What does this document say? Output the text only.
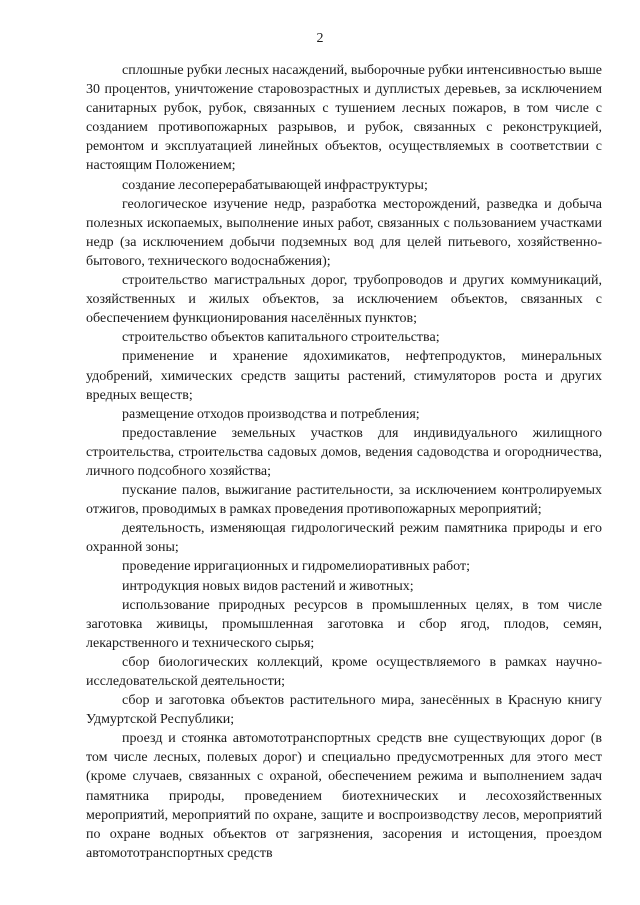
2

сплошные рубки лесных насаждений, выборочные рубки интенсивностью выше 30 процентов, уничтожение старовозрастных и дуплистых деревьев, за исключением санитарных рубок, рубок, связанных с тушением лесных пожаров, в том числе с созданием противопожарных разрывов, и рубок, связанных с реконструкцией, ремонтом и эксплуатацией линейных объектов, осуществляемых в соответствии с настоящим Положением;

создание лесоперерабатывающей инфраструктуры;

геологическое изучение недр, разработка месторождений, разведка и добыча полезных ископаемых, выполнение иных работ, связанных с пользованием участками недр (за исключением добычи подземных вод для целей питьевого, хозяйственно-бытового, технического водоснабжения);

строительство магистральных дорог, трубопроводов и других коммуникаций, хозяйственных и жилых объектов, за исключением объектов, связанных с обеспечением функционирования населённых пунктов;

строительство объектов капитального строительства;

применение и хранение ядохимикатов, нефтепродуктов, минеральных удобрений, химических средств защиты растений, стимуляторов роста и других вредных веществ;

размещение отходов производства и потребления;

предоставление земельных участков для индивидуального жилищного строительства, строительства садовых домов, ведения садоводства и огородничества, личного подсобного хозяйства;

пускание палов, выжигание растительности, за исключением контролируемых отжигов, проводимых в рамках проведения противопожарных мероприятий;

деятельность, изменяющая гидрологический режим памятника природы и его охранной зоны;

проведение ирригационных и гидромелиоративных работ;

интродукция новых видов растений и животных;

использование природных ресурсов в промышленных целях, в том числе заготовка живицы, промышленная заготовка и сбор ягод, плодов, семян, лекарственного и технического сырья;

сбор биологических коллекций, кроме осуществляемого в рамках научно-исследовательской деятельности;

сбор и заготовка объектов растительного мира, занесённых в Красную книгу Удмуртской Республики;

проезд и стоянка автомототранспортных средств вне существующих дорог (в том числе лесных, полевых дорог) и специально предусмотренных для этого мест (кроме случаев, связанных с охраной, обеспечением режима и выполнением задач памятника природы, проведением биотехнических и лесохозяйственных мероприятий, мероприятий по охране, защите и воспроизводству лесов, мероприятий по охране водных объектов от загрязнения, засорения и истощения, проездом автомототранспортных средств
